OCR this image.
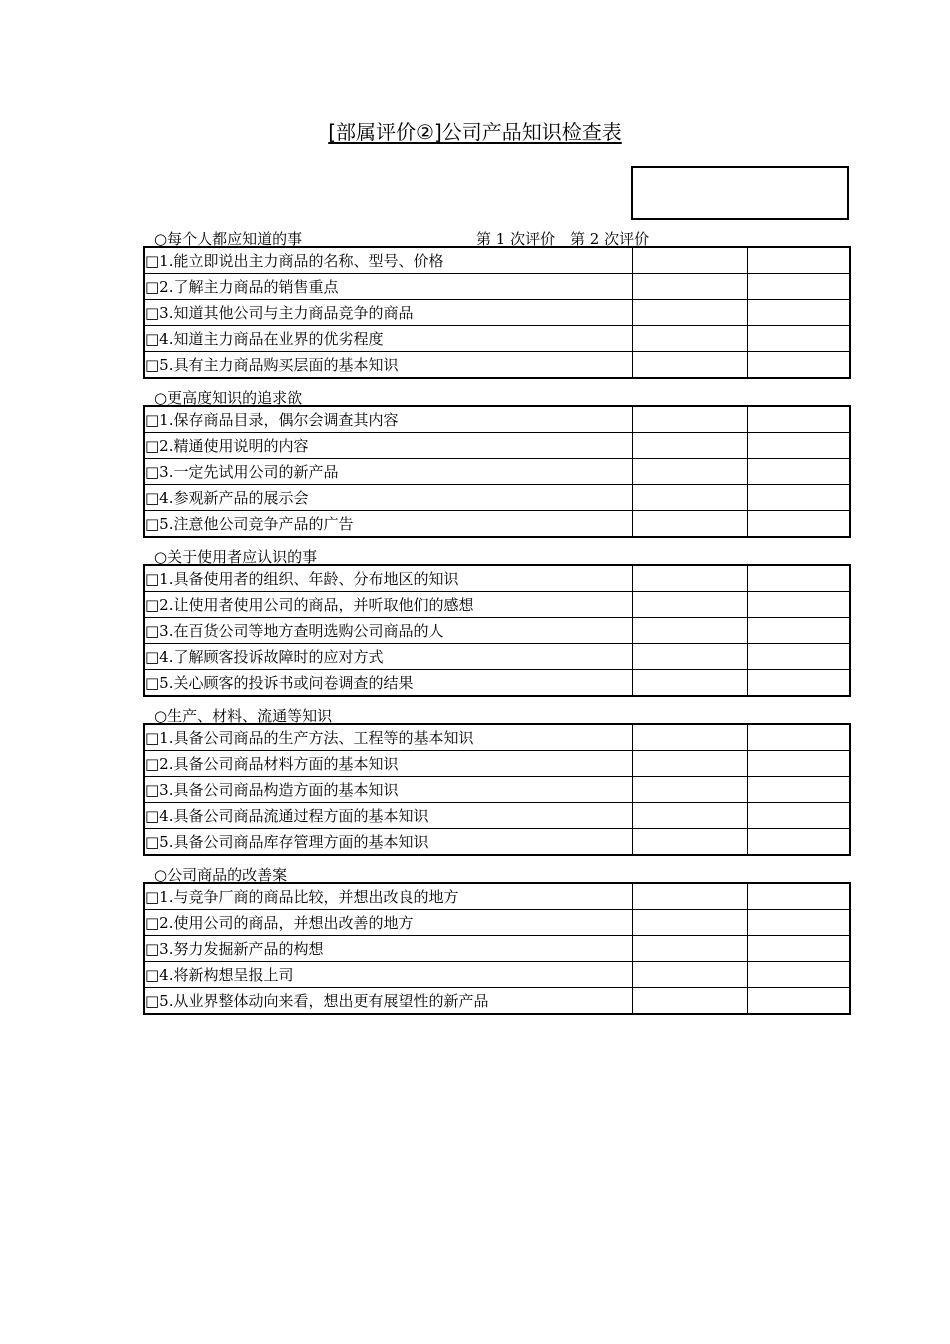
[部属评价②]公司产品知识检查表
第 1 次评价 第 2 次评价
○每个人都应知道的事
□1.能立即说出主力商品的名称、型号、价格		
□2.了解主力商品的销售重点		
□3.知道其他公司与主力商品竞争的商品		
□4.知道主力商品在业界的优劣程度		
□5.具有主力商品购买层面的基本知识		
○更高度知识的追求欲
□1.保存商品目录，偶尔会调查其内容		
□2.精通使用说明的内容		
□3.一定先试用公司的新产品		
□4.参观新产品的展示会		
□5.注意他公司竞争产品的广告		
○关于使用者应认识的事
□1.具备使用者的组织、年龄、分布地区的知识		
□2.让使用者使用公司的商品，并听取他们的感想		
□3.在百货公司等地方查明选购公司商品的人		
□4.了解顾客投诉故障时的应对方式		
□5.关心顾客的投诉书或问卷调查的结果		
○生产、材料、流通等知识
□1.具备公司商品的生产方法、工程等的基本知识		
□2.具备公司商品材料方面的基本知识		
□3.具备公司商品构造方面的基本知识		
□4.具备公司商品流通过程方面的基本知识		
□5.具备公司商品库存管理方面的基本知识		
○公司商品的改善案
□1.与竞争厂商的商品比较，并想出改良的地方		
□2.使用公司的商品，并想出改善的地方		
□3.努力发掘新产品的构想		
□4.将新构想呈报上司		
□5.从业界整体动向来看，想出更有展望性的新产品		
